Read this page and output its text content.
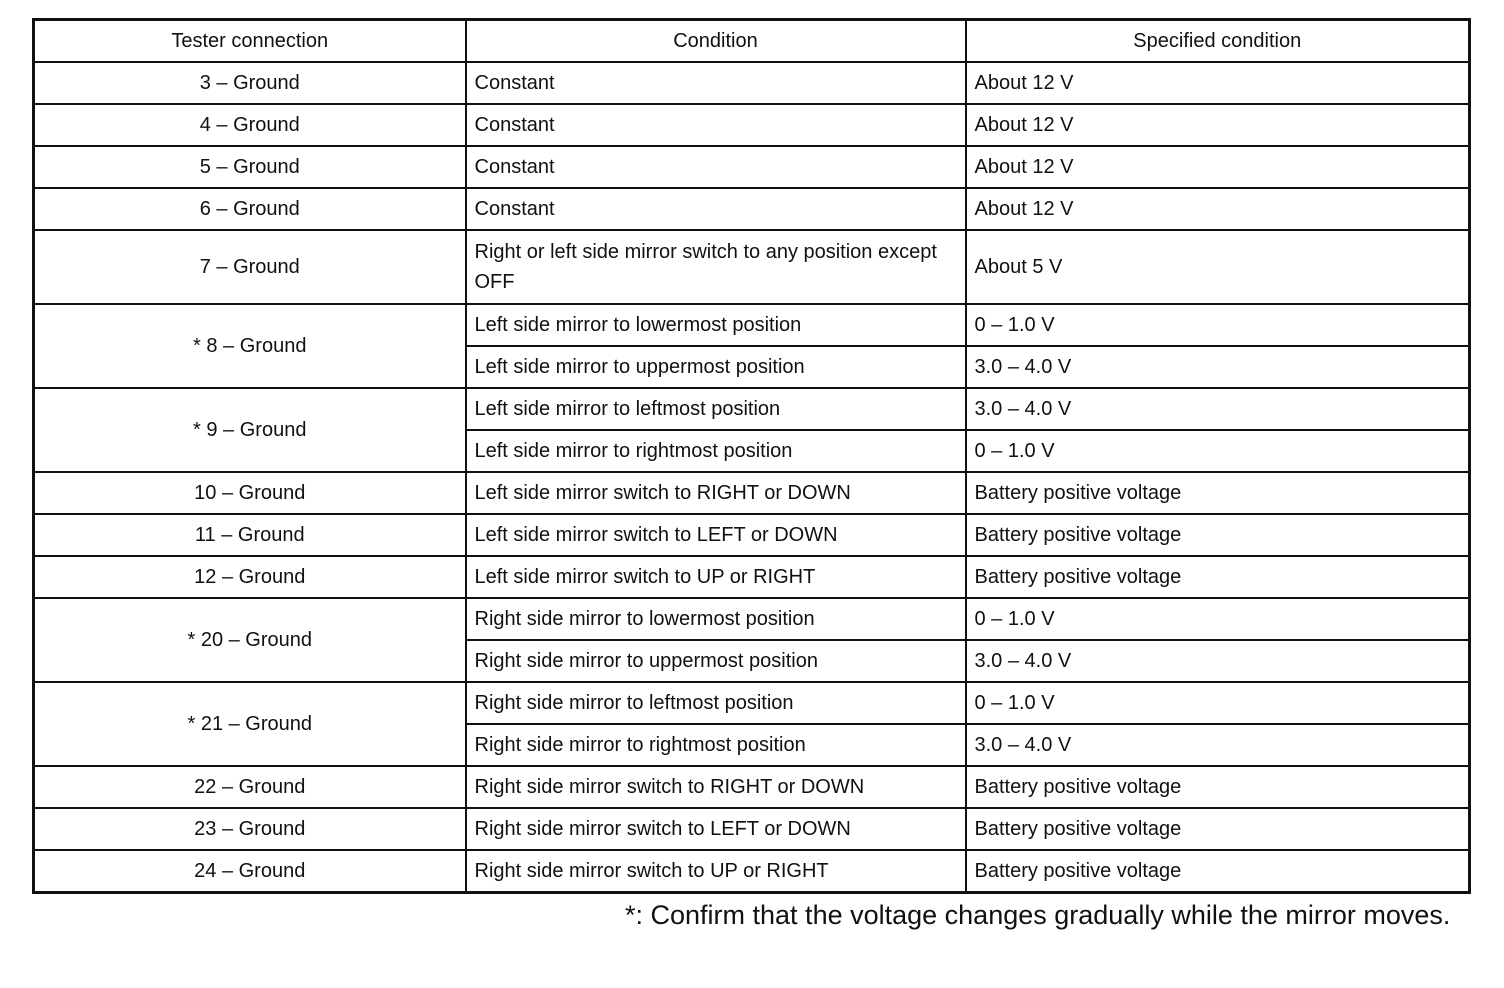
Tester connection	Condition	Specified condition
3 – Ground	Constant	About 12 V
4 – Ground	Constant	About 12 V
5 – Ground	Constant	About 12 V
6 – Ground	Constant	About 12 V
7 – Ground	Right or left side mirror switch to any position except OFF	About 5 V
* 8 – Ground	Left side mirror to lowermost position	0 – 1.0 V
	Left side mirror to uppermost position	3.0 – 4.0 V
* 9 – Ground	Left side mirror to leftmost position	3.0 – 4.0 V
	Left side mirror to rightmost position	0 – 1.0 V
10 – Ground	Left side mirror switch to RIGHT or DOWN	Battery positive voltage
11 – Ground	Left side mirror switch to LEFT or DOWN	Battery positive voltage
12 – Ground	Left side mirror switch to UP or RIGHT	Battery positive voltage
* 20 – Ground	Right side mirror to lowermost position	0 – 1.0 V
	Right side mirror to uppermost position	3.0 – 4.0 V
* 21 – Ground	Right side mirror to leftmost position	0 – 1.0 V
	Right side mirror to rightmost position	3.0 – 4.0 V
22 – Ground	Right side mirror switch to RIGHT or DOWN	Battery positive voltage
23 – Ground	Right side mirror switch to LEFT or DOWN	Battery positive voltage
24 – Ground	Right side mirror switch to UP or RIGHT	Battery positive voltage

*: Confirm that the voltage changes gradually while the mirror moves.
